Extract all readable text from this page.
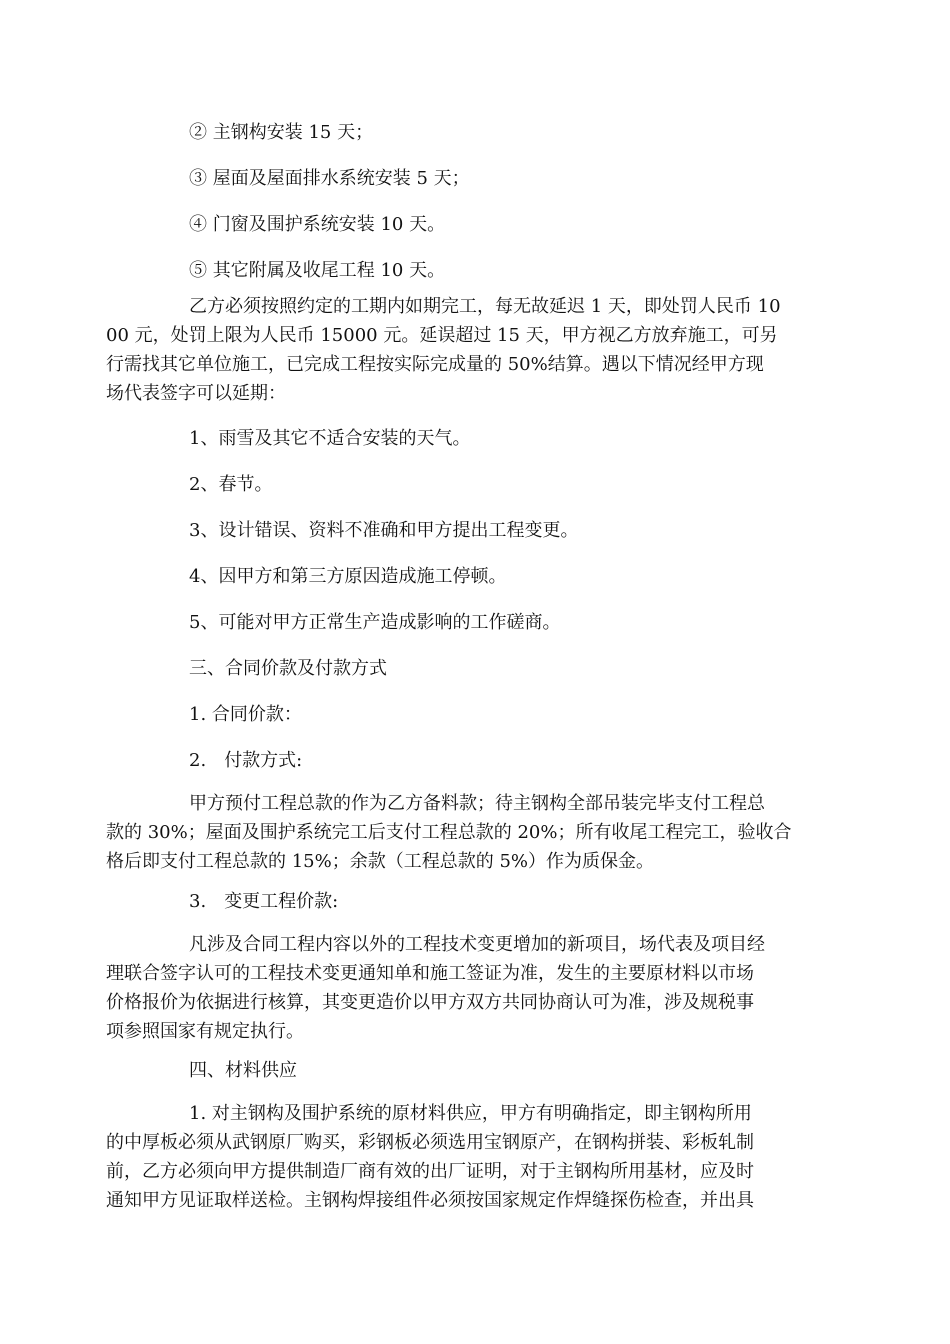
② 主钢构安装 15 天；
③ 屋面及屋面排水系统安装 5 天；
④ 门窗及围护系统安装 10 天。
⑤ 其它附属及收尾工程 10 天。
乙方必须按照约定的工期内如期完工，每无故延迟 1 天，即处罚人民币 10
00 元，处罚上限为人民币 15000 元。延误超过 15 天，甲方视乙方放弃施工，可另
行需找其它单位施工，已完成工程按实际完成量的 50%结算。遇以下情况经甲方现
场代表签字可以延期：
1、雨雪及其它不适合安装的天气。
2、春节。
3、设计错误、资料不准确和甲方提出工程变更。
4、因甲方和第三方原因造成施工停顿。
5、可能对甲方正常生产造成影响的工作磋商。
三、合同价款及付款方式
1. 合同价款：
2. 付款方式:
甲方预付工程总款的作为乙方备料款；待主钢构全部吊装完毕支付工程总
款的 30%；屋面及围护系统完工后支付工程总款的 20%；所有收尾工程完工，验收合
格后即支付工程总款的 15%；余款（工程总款的 5%）作为质保金。
3. 变更工程价款:
凡涉及合同工程内容以外的工程技术变更增加的新项目，场代表及项目经
理联合签字认可的工程技术变更通知单和施工签证为准，发生的主要原材料以市场
价格报价为依据进行核算，其变更造价以甲方双方共同协商认可为准，涉及规税事
项参照国家有规定执行。
四、材料供应
1. 对主钢构及围护系统的原材料供应，甲方有明确指定，即主钢构所用
的中厚板必须从武钢原厂购买，彩钢板必须选用宝钢原产，在钢构拼装、彩板轧制
前，乙方必须向甲方提供制造厂商有效的出厂证明，对于主钢构所用基材，应及时
通知甲方见证取样送检。主钢构焊接组件必须按国家规定作焊缝探伤检查，并出具
